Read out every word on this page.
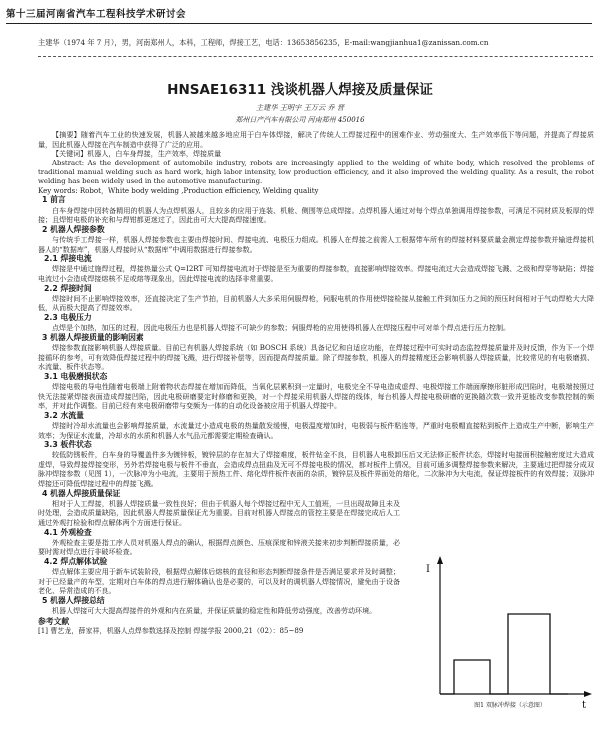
第十三届河南省汽车工程科技学术研讨会
主建华（1974 年 7 月），男，河南郑州人，本科，工程师，焊接工艺，电话：13653856235，E-mail:wangjianhua1@zanissan.com.cn
HNSAE16311 浅谈机器人焊接及质量保证
主建华 王明宇 王万云 乔 晋
郑州日产汽车有限公司 河南郑州 450016

【摘要】随着汽车工业的快速发展，机器人被越来越多地应用于白车体焊接，解决了传统人工焊接过程中的困难作业、劳动强度大、生产效率低下等问题，并提高了焊接质量，因此机器人焊接在汽车制造中获得了广泛的应用。

【关键词】机器人，白车身焊接，生产效率，焊接质量

Abstract: As the development of automobile industry, robots are increasingly applied to the welding of white body, which resolved the problems of traditional manual welding such as hard work, high labor intensity, low production efficiency, and it also improved the welding quality. As a result, the robot welding has been widely used in the automotive manufacturing.

Key words: Robot，White body welding ,Production efficiency, Welding quality

1 前言

白车身焊接中因转备精用的机器人为点焊机器人，且较多的应用于连装、机舱、侧围等总成焊接。点焊机器人通过对每个焊点单独调用焊接参数，可满足不同材质及板厚的焊接；且焊钳电极的补充和与焊钳都更迷过了，因此由可大大提高焊接速度。

2 机器人焊接参数

与传统手工焊接一样，机器人焊接参数也主要由焊接时间、焊接电流、电极压力组成。机器人在焊接之前需人工根据带车所有的焊接材料要质量金测定焊接参数并输进焊接机器人的“数据库”，机器人焊接时从“数据库”中调用数据进行焊接参数。

2.1 焊接电流

焊接是中通过施焊过程，焊接热量公式 Q=I2RT 可知焊接电流对于焊接是至为重要的焊接参数，直接影响焊接效率。焊接电流过大会造成焊接飞溅、之级和焊穿等缺陷；焊接电流过小会造成焊接熔核不足或熔等现象出，因此焊接电流的选择非常重要。

2.2 焊接时间

焊接时间不止影响焊接效率，还直接决定了生产节拍，目前机器人大多采用伺服焊枪，伺服电机的作用使焊接检接从接触工件到加压力之间的预压时间相对于气动焊枪大大降低，从而极大提高了焊接效率。

2.3 电极压力

点焊是个加热，加压的过程，因此电极压力也是机器人焊接不可缺少的参数；伺服焊枪的应用使得机器人在焊接压程中可对单个焊点进行压力控制。

3 机器人焊接质量的影响因素

焊接参数直接影响机器人焊接质量。目前已有机器人焊接系统（如 BOSCH 系统）具备记忆和自适应功能，在焊接过程中可实时动态监控焊接质量并及时反馈，作为下一个焊接循环的参考，可有效降低焊接过程中的焊接飞溅，进行焊接补偿等，因而提高焊接质量。除了焊接参数，机器人的焊接精度还会影响机器人焊接质量，比较常见的有电极磨损、水流量、板件状态等。

3.1 电极磨损状态

焊接电极的导电性随着电极端上附着物状态焊接在增加而降低，当氧化层累积到一定量时，电极完全不导电造成虚焊、电极焊接工作端面摩擦形脏形成凹陷时，电极端按照过快无法接紧焊接表面造成焊接凹陷，因此电极研磨要定时修磨和更换，对一个焊接采用机器人焊接的线体，每台机器人焊接电极研磨的更换随次数一致并更能改变参数控制的频率，并对此作调整。目前已经有来电极研磨带与变频为一体的自动化设备被应用于机器人焊接中。

3.2 水流量

焊接时冷却水流量也会影响焊接质量，水流量过小造成电极的热量散发缓慢，电极温度增加时，电极弱与板件粘连等，严重时电极帽直接粘到板件上造成生产中断，影响生产效率；为保证水流量，冷却水的水质和机器人水气品元都需要定期检查确认。

3.3 板件状态

较低防锈板件，白车身的导覆盖件多为镀锌板，镀锌层的存在加大了焊接难度，板件钻金不良，目机器人电极卸压后又无法修正板件状态，焊接时电接面积接触密度过大造成虚焊，导致焊接焊接变形，另外若焊接电极与板件不垂直，会造成焊点扭曲及无可不焊接电极的情况，都对板件上情况，目前可通多调整焊接参数来解决，主要通过把焊接分成双脉冲焊接参数（见图 1），一次脉冲为小电流，主要用于预热工件、熔化焊件板件表面的杂质，镀锌层及板件界面处的熔化，二次脉冲为大电流，保证焊接板件的有效焊接；双脉冲焊接还可降低焊接过程中的焊接飞溅。

4 机器人焊接质量保证

相对于人工焊接，机器人焊接质量一致性良好；但由于机器人每个焊接过程中无人工值班，一旦出现故障且未及时处理，会造成质量缺陷，因此机器人焊接质量保证尤为重要。目前对机器人焊接点的管控主要是在焊接完成后人工通过外观打检验和焊点解体两个方面进行保证。

4.1 外观检查

外观检查主要是指工序人员对机器人焊点的确认，根据焊点颜色、压痕深度和锌液关接来初步判断焊接质量，必要时需对焊点进行非破坏检查。

4.2 焊点解体试验

焊点解体主要应用于新车试装阶段，根据焊点解体后熔核的直径和形态判断焊接条件是否满足要求并及时调整；对于已经量产的车型，定期对白车体的焊点进行解体确认也是必要的，可以及时的调机器人焊接情况，避免由于设备老化、异常造成的不良。

5 机器人焊接总结

机器人焊接可大大提高焊接件的外观和内在质量，并保证质量的稳定性和降低劳动强度，改善劳动环境。

参考文献

[1] 曹艺龙，薛家祥，机器人点焊参数选择及控制 焊接学报 2000,21（02）：85~89

I
t
图1 双脉冲焊接（示意图）
